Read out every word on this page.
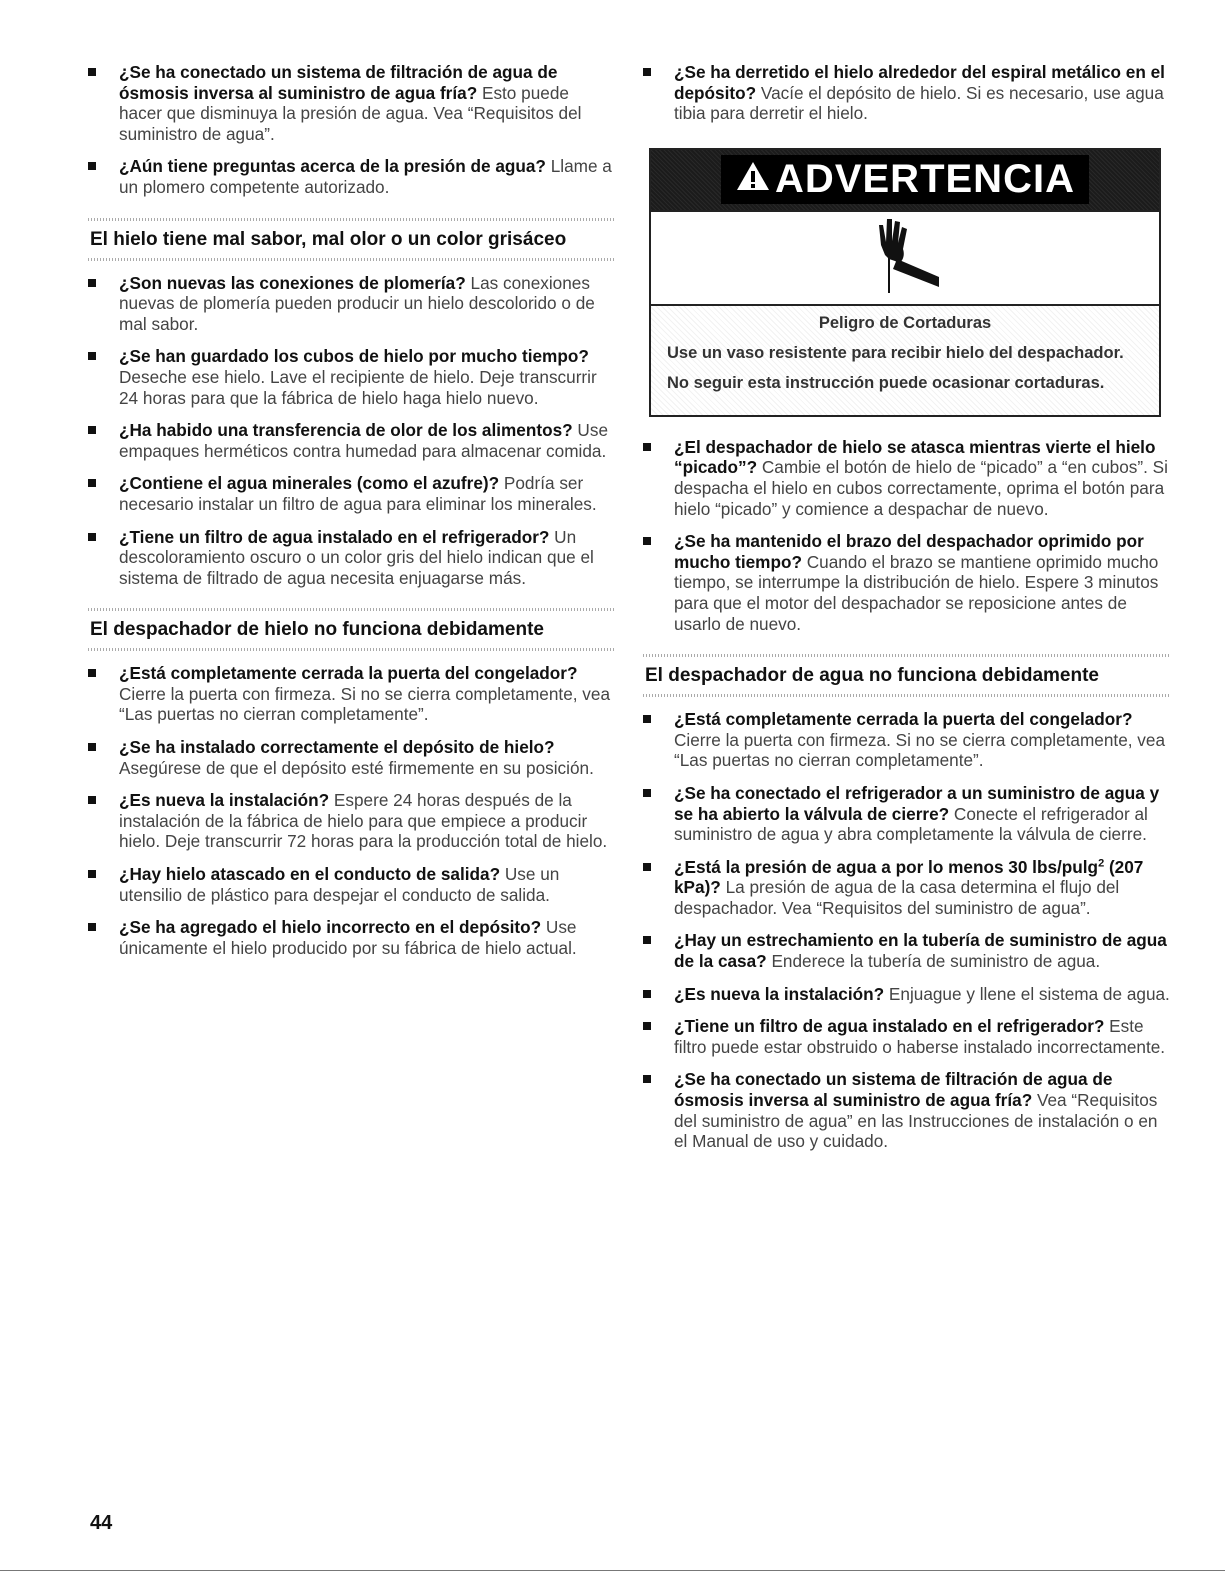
¿Se ha conectado un sistema de filtración de agua de ósmosis inversa al suministro de agua fría? Esto puede hacer que disminuya la presión de agua. Vea “Requisitos del suministro de agua”.
¿Aún tiene preguntas acerca de la presión de agua? Llame a un plomero competente autorizado.
El hielo tiene mal sabor, mal olor o un color grisáceo
¿Son nuevas las conexiones de plomería? Las conexiones nuevas de plomería pueden producir un hielo descolorido o de mal sabor.
¿Se han guardado los cubos de hielo por mucho tiempo? Deseche ese hielo. Lave el recipiente de hielo. Deje transcurrir 24 horas para que la fábrica de hielo haga hielo nuevo.
¿Ha habido una transferencia de olor de los alimentos? Use empaques herméticos contra humedad para almacenar comida.
¿Contiene el agua minerales (como el azufre)? Podría ser necesario instalar un filtro de agua para eliminar los minerales.
¿Tiene un filtro de agua instalado en el refrigerador? Un descoloramiento oscuro o un color gris del hielo indican que el sistema de filtrado de agua necesita enjuagarse más.
El despachador de hielo no funciona debidamente
¿Está completamente cerrada la puerta del congelador? Cierre la puerta con firmeza. Si no se cierra completamente, vea “Las puertas no cierran completamente”.
¿Se ha instalado correctamente el depósito de hielo? Asegúrese de que el depósito esté firmemente en su posición.
¿Es nueva la instalación? Espere 24 horas después de la instalación de la fábrica de hielo para que empiece a producir hielo. Deje transcurrir 72 horas para la producción total de hielo.
¿Hay hielo atascado en el conducto de salida? Use un utensilio de plástico para despejar el conducto de salida.
¿Se ha agregado el hielo incorrecto en el depósito? Use únicamente el hielo producido por su fábrica de hielo actual.
¿Se ha derretido el hielo alrededor del espiral metálico en el depósito? Vacíe el depósito de hielo. Si es necesario, use agua tibia para derretir el hielo.
ADVERTENCIA
Peligro de Cortaduras

Use un vaso resistente para recibir hielo del despachador.

No seguir esta instrucción puede ocasionar cortaduras.

¿El despachador de hielo se atasca mientras vierte el hielo “picado”? Cambie el botón de hielo de “picado” a “en cubos”. Si despacha el hielo en cubos correctamente, oprima el botón para hielo “picado” y comience a despachar de nuevo.
¿Se ha mantenido el brazo del despachador oprimido por mucho tiempo? Cuando el brazo se mantiene oprimido mucho tiempo, se interrumpe la distribución de hielo. Espere 3 minutos para que el motor del despachador se reposicione antes de usarlo de nuevo.
El despachador de agua no funciona debidamente
¿Está completamente cerrada la puerta del congelador? Cierre la puerta con firmeza. Si no se cierra completamente, vea “Las puertas no cierran completamente”.
¿Se ha conectado el refrigerador a un suministro de agua y se ha abierto la válvula de cierre? Conecte el refrigerador al suministro de agua y abra completamente la válvula de cierre.
¿Está la presión de agua a por lo menos 30 lbs/pulg$^2$ (207 kPa)? La presión de agua de la casa determina el flujo del despachador. Vea “Requisitos del suministro de agua”.
¿Hay un estrechamiento en la tubería de suministro de agua de la casa? Enderece la tubería de suministro de agua.
¿Es nueva la instalación? Enjuague y llene el sistema de agua.
¿Tiene un filtro de agua instalado en el refrigerador? Este filtro puede estar obstruido o haberse instalado incorrectamente.
¿Se ha conectado un sistema de filtración de agua de ósmosis inversa al suministro de agua fría? Vea “Requisitos del suministro de agua” en las Instrucciones de instalación o en el Manual de uso y cuidado.
44
